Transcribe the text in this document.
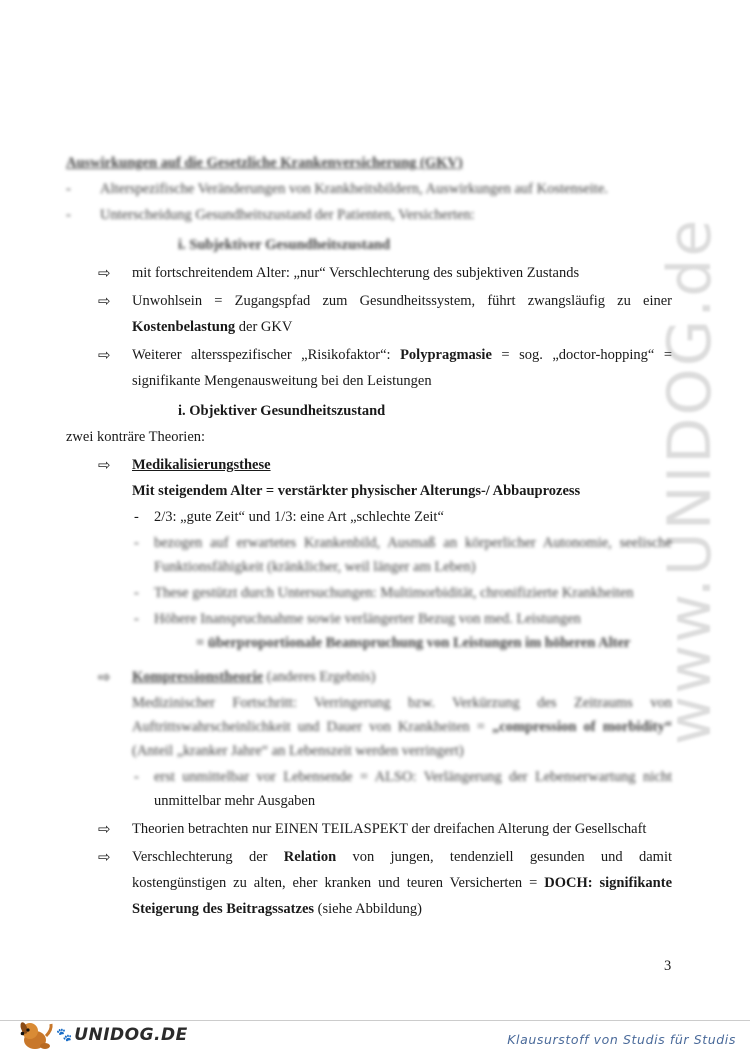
www.UNIDOG.de
Auswirkungen auf die Gesetzliche Krankenversicherung (GKV)
- Alterspezifische Veränderungen von Krankheitsbildern, Auswirkungen auf Kostenseite.
- Unterscheidung Gesundheitszustand der Patienten, Versicherten:
i. Subjektiver Gesundheitszustand
⇨ mit fortschreitendem Alter: „nur“ Verschlechterung des subjektiven Zustands
⇨ Unwohlsein = Zugangspfad zum Gesundheitssystem, führt zwangsläufig zu einer
Kostenbelastung der GKV
⇨ Weiterer altersspezifischer „Risikofaktor“: Polypragmasie = sog. „doctor-hopping“ =
signifikante Mengenausweitung bei den Leistungen
i. Objektiver Gesundheitszustand
zwei konträre Theorien:
⇨ Medikalisierungsthese
Mit steigendem Alter = verstärkter physischer Alterungs-/ Abbauprozess
- 2/3: „gute Zeit“ und 1/3: eine Art „schlechte Zeit“
- bezogen auf erwartetes Krankenbild, Ausmaß an körperlicher Autonomie, seelische
Funktionsfähigkeit (kränklicher, weil länger am Leben)
- These gestützt durch Untersuchungen: Multimorbidität, chronifizierte Krankheiten
- Höhere Inanspruchnahme sowie verlängerter Bezug von med. Leistungen
= überproportionale Beanspruchung von Leistungen im höheren Alter
⇨ Kompressionstheorie (anderes Ergebnis)
Medizinischer Fortschritt: Verringerung bzw. Verkürzung des Zeitraums von
Auftrittswahrscheinlichkeit und Dauer von Krankheiten = „compression of morbidity“
(Anteil „kranker Jahre“ an Lebenszeit werden verringert)
- erst unmittelbar vor Lebensende = ALSO: Verlängerung der Lebenserwartung nicht
unmittelbar mehr Ausgaben
⇨ Theorien betrachten nur EINEN TEILASPEKT der dreifachen Alterung der Gesellschaft
⇨ Verschlechterung der Relation von jungen, tendenziell gesunden und damit
kostengünstigen zu alten, eher kranken und teuren Versicherten = DOCH: signifikante
Steigerung des Beitragssatzes (siehe Abbildung)
3
🐾 UNIDOG.DE	Klausurstoff von Studis für Studis
